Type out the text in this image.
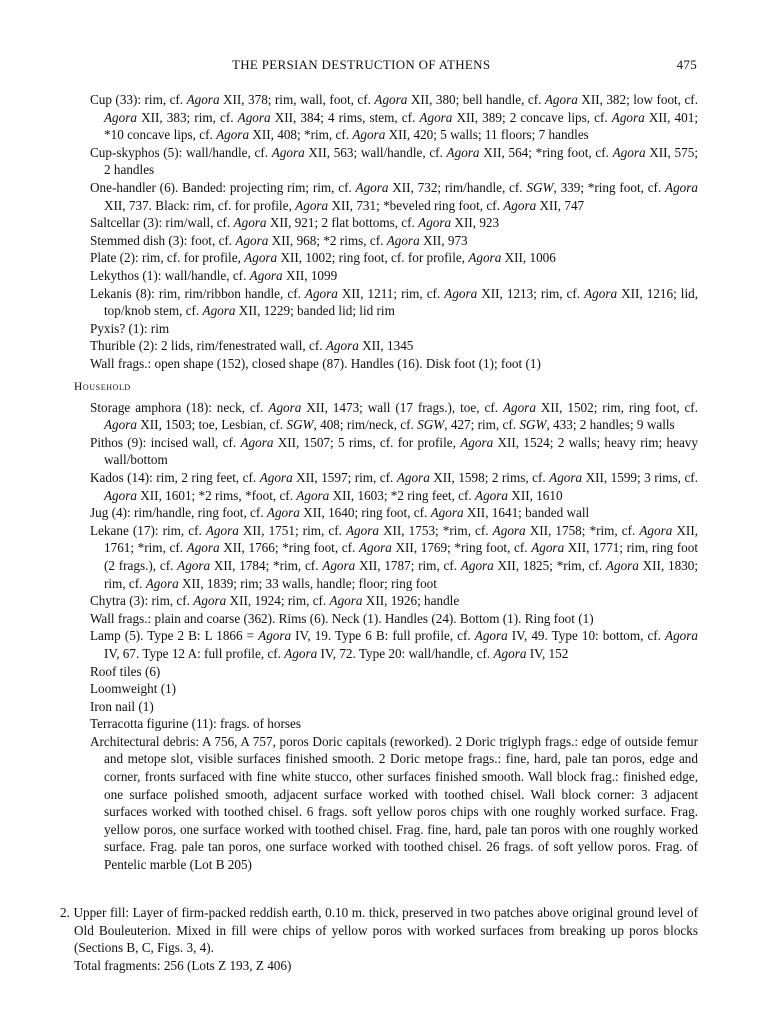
THE PERSIAN DESTRUCTION OF ATHENS	475
Cup (33): rim, cf. Agora XII, 378; rim, wall, foot, cf. Agora XII, 380; bell handle, cf. Agora XII, 382; low foot, cf. Agora XII, 383; rim, cf. Agora XII, 384; 4 rims, stem, cf. Agora XII, 389; 2 concave lips, cf. Agora XII, 401; *10 concave lips, cf. Agora XII, 408; *rim, cf. Agora XII, 420; 5 walls; 11 floors; 7 handles
Cup-skyphos (5): wall/handle, cf. Agora XII, 563; wall/handle, cf. Agora XII, 564; *ring foot, cf. Agora XII, 575; 2 handles
One-handler (6). Banded: projecting rim; rim, cf. Agora XII, 732; rim/handle, cf. SGW, 339; *ring foot, cf. Agora XII, 737. Black: rim, cf. for profile, Agora XII, 731; *beveled ring foot, cf. Agora XII, 747
Saltcellar (3): rim/wall, cf. Agora XII, 921; 2 flat bottoms, cf. Agora XII, 923
Stemmed dish (3): foot, cf. Agora XII, 968; *2 rims, cf. Agora XII, 973
Plate (2): rim, cf. for profile, Agora XII, 1002; ring foot, cf. for profile, Agora XII, 1006
Lekythos (1): wall/handle, cf. Agora XII, 1099
Lekanis (8): rim, rim/ribbon handle, cf. Agora XII, 1211; rim, cf. Agora XII, 1213; rim, cf. Agora XII, 1216; lid, top/knob stem, cf. Agora XII, 1229; banded lid; lid rim
Pyxis? (1): rim
Thurible (2): 2 lids, rim/fenestrated wall, cf. Agora XII, 1345
Wall frags.: open shape (152), closed shape (87). Handles (16). Disk foot (1); foot (1)
Household
Storage amphora (18): neck, cf. Agora XII, 1473; wall (17 frags.), toe, cf. Agora XII, 1502; rim, ring foot, cf. Agora XII, 1503; toe, Lesbian, cf. SGW, 408; rim/neck, cf. SGW, 427; rim, cf. SGW, 433; 2 handles; 9 walls
Pithos (9): incised wall, cf. Agora XII, 1507; 5 rims, cf. for profile, Agora XII, 1524; 2 walls; heavy rim; heavy wall/bottom
Kados (14): rim, 2 ring feet, cf. Agora XII, 1597; rim, cf. Agora XII, 1598; 2 rims, cf. Agora XII, 1599; 3 rims, cf. Agora XII, 1601; *2 rims, *foot, cf. Agora XII, 1603; *2 ring feet, cf. Agora XII, 1610
Jug (4): rim/handle, ring foot, cf. Agora XII, 1640; ring foot, cf. Agora XII, 1641; banded wall
Lekane (17): rim, cf. Agora XII, 1751; rim, cf. Agora XII, 1753; *rim, cf. Agora XII, 1758; *rim, cf. Agora XII, 1761; *rim, cf. Agora XII, 1766; *ring foot, cf. Agora XII, 1769; *ring foot, cf. Agora XII, 1771; rim, ring foot (2 frags.), cf. Agora XII, 1784; *rim, cf. Agora XII, 1787; rim, cf. Agora XII, 1825; *rim, cf. Agora XII, 1830; rim, cf. Agora XII, 1839; rim; 33 walls, handle; floor; ring foot
Chytra (3): rim, cf. Agora XII, 1924; rim, cf. Agora XII, 1926; handle
Wall frags.: plain and coarse (362). Rims (6). Neck (1). Handles (24). Bottom (1). Ring foot (1)
Lamp (5). Type 2 B: L 1866 = Agora IV, 19. Type 6 B: full profile, cf. Agora IV, 49. Type 10: bottom, cf. Agora IV, 67. Type 12 A: full profile, cf. Agora IV, 72. Type 20: wall/handle, cf. Agora IV, 152
Roof tiles (6)
Loomweight (1)
Iron nail (1)
Terracotta figurine (11): frags. of horses
Architectural debris: A 756, A 757, poros Doric capitals (reworked). 2 Doric triglyph frags.: edge of outside femur and metope slot, visible surfaces finished smooth. 2 Doric metope frags.: fine, hard, pale tan poros, edge and corner, fronts surfaced with fine white stucco, other surfaces finished smooth. Wall block frag.: finished edge, one surface polished smooth, adjacent surface worked with toothed chisel. Wall block corner: 3 adjacent surfaces worked with toothed chisel. 6 frags. soft yellow poros chips with one roughly worked surface. Frag. yellow poros, one surface worked with toothed chisel. Frag. fine, hard, pale tan poros with one roughly worked surface. Frag. pale tan poros, one surface worked with toothed chisel. 26 frags. of soft yellow poros. Frag. of Pentelic marble (Lot B 205)

2. Upper fill: Layer of firm-packed reddish earth, 0.10 m. thick, preserved in two patches above original ground level of Old Bouleuterion. Mixed in fill were chips of yellow poros with worked surfaces from breaking up poros blocks (Sections B, C, Figs. 3, 4).

Total fragments: 256 (Lots Z 193, Z 406)
